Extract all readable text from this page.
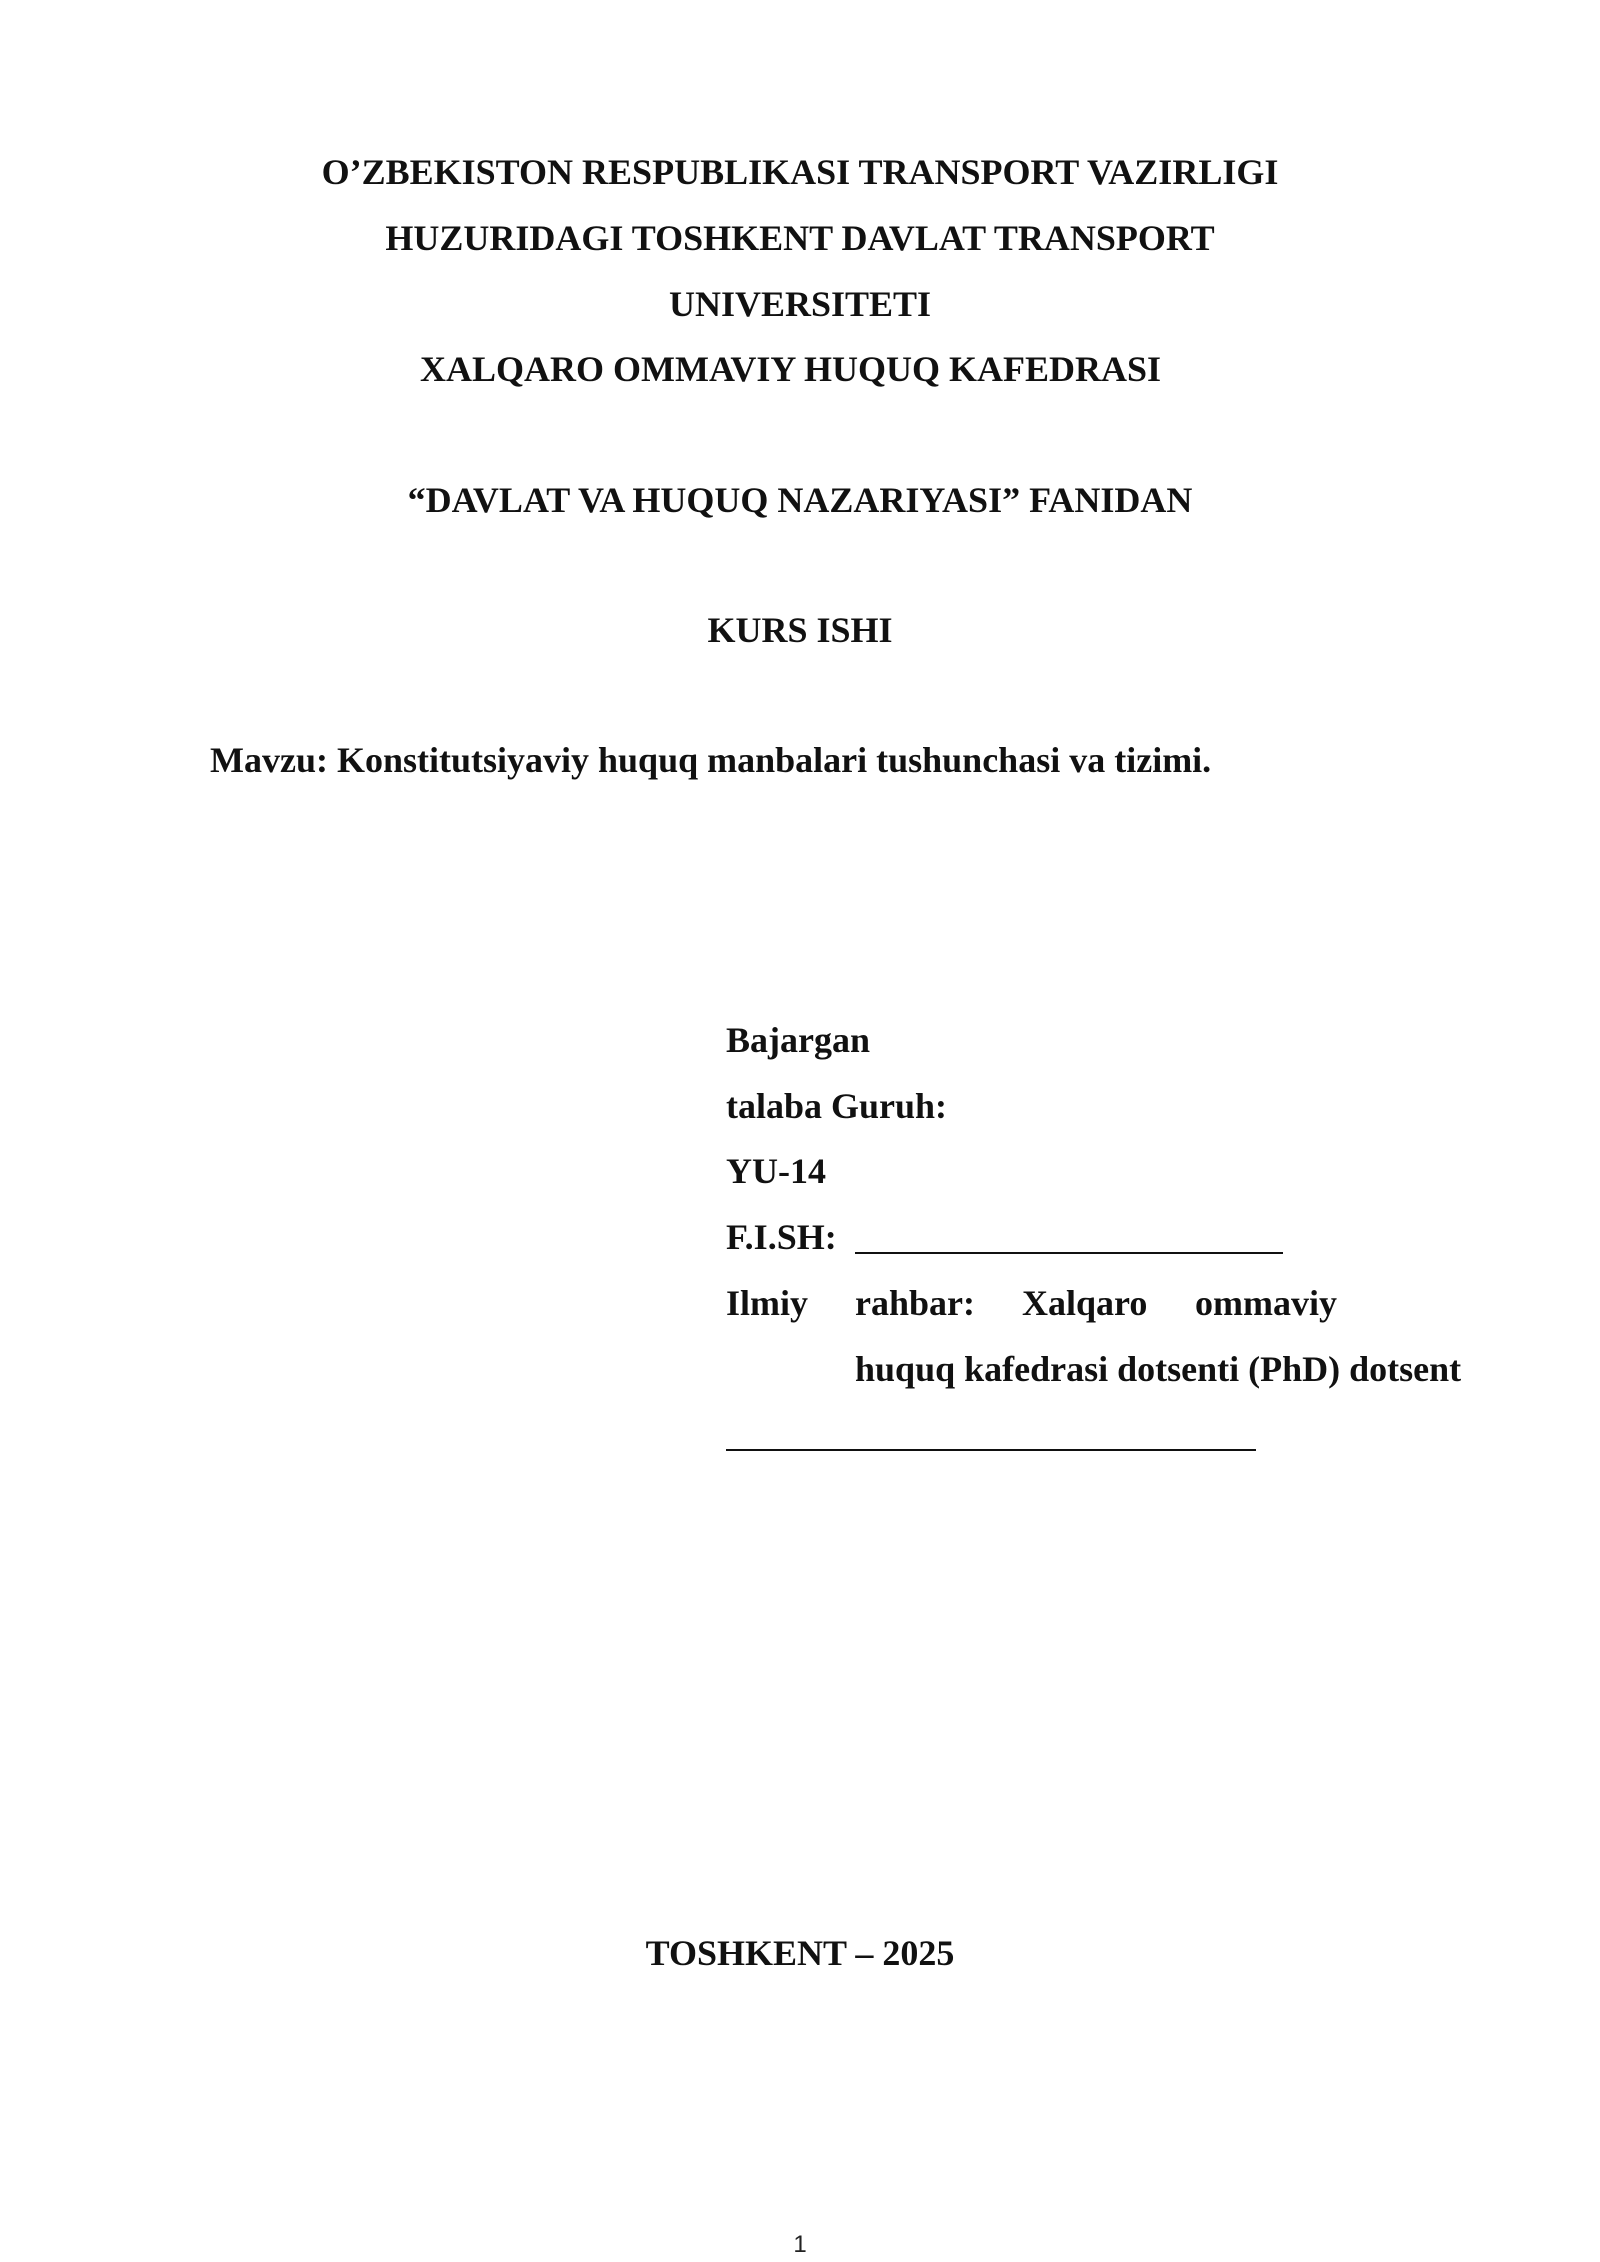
O’ZBEKISTON RESPUBLIKASI TRANSPORT VAZIRLIGI

HUZURIDAGI TOSHKENT DAVLAT TRANSPORT

UNIVERSITETI

XALQARO OMMAVIY HUQUQ KAFEDRASI

“DAVLAT VA HUQUQ NAZARIYASI” FANIDAN

KURS ISHI

Mavzu: Konstitutsiyaviy huquq manbalari tushunchasi va tizimi.

Bajargan

talaba Guruh:

YU-14

F.I.SH:

Ilmiy rahbar: Xalqaro ommaviy

huquq kafedrasi dotsenti (PhD) dotsent

TOSHKENT – 2025

1
